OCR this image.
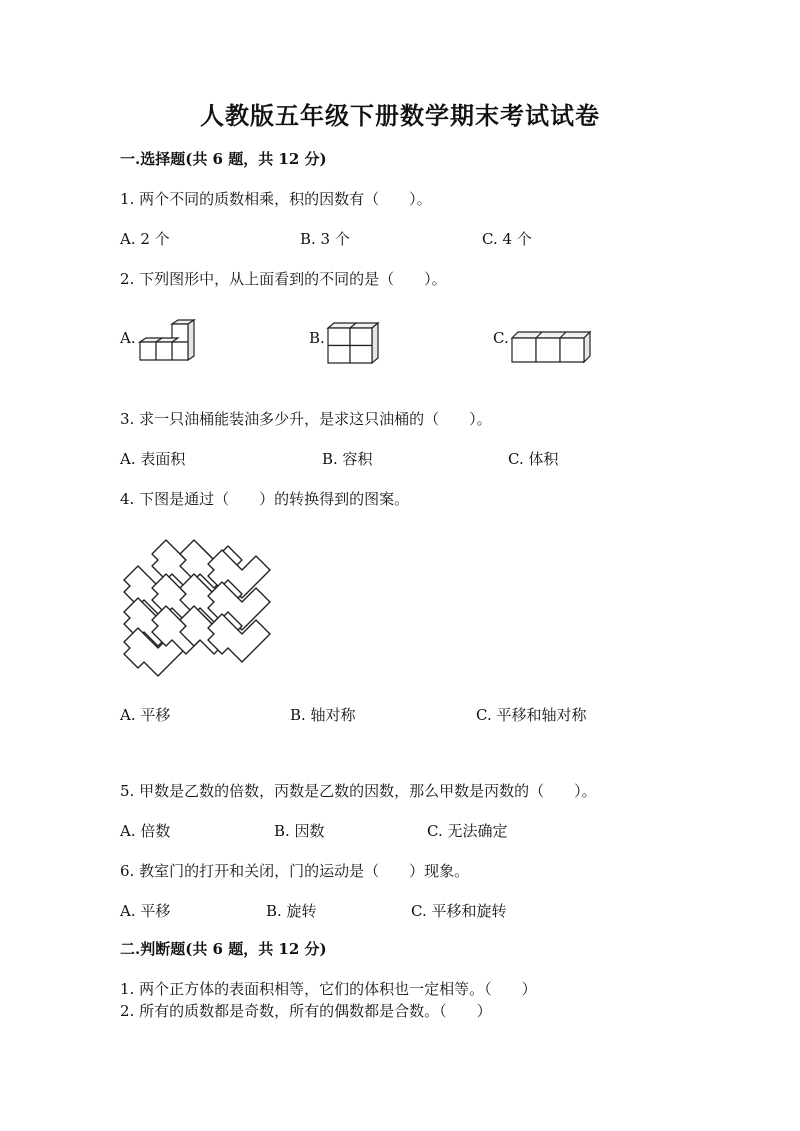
人教版五年级下册数学期末考试试卷
一.选择题(共 6 题，共 12 分)
1. 两个不同的质数相乘，积的因数有（　　）。
A. 2 个	B. 3 个	C. 4 个
2. 下列图形中，从上面看到的不同的是（　　）。
A.	B.	C.
3. 求一只油桶能装油多少升，是求这只油桶的（　　）。
A. 表面积	B. 容积	C. 体积
4. 下图是通过（　　）的转换得到的图案。
A. 平移	B. 轴对称	C. 平移和轴对称
5. 甲数是乙数的倍数，丙数是乙数的因数，那么甲数是丙数的（　　）。
A. 倍数	B. 因数	C. 无法确定
6. 教室门的打开和关闭，门的运动是（　　）现象。
A. 平移	B. 旋转	C. 平移和旋转
二.判断题(共 6 题，共 12 分)
1. 两个正方体的表面积相等，它们的体积也一定相等。（　　）
2. 所有的质数都是奇数，所有的偶数都是合数。（　　）
